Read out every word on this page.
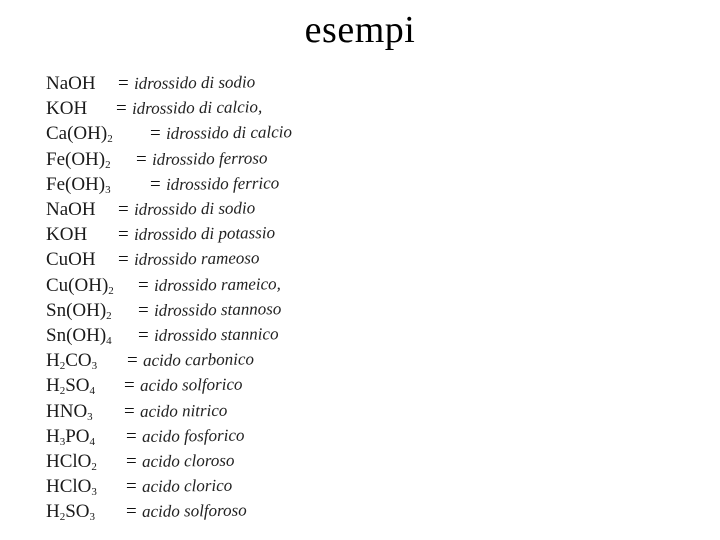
esempi
NaOH	= idrossido di sodio
KOH	= idrossido di calcio,
$Ca(OH)_2$	= idrossido di calcio
$Fe(OH)_2$	= idrossido ferroso
$Fe(OH)_3$	= idrossido ferrico
NaOH	= idrossido di sodio
KOH	= idrossido di potassio
CuOH	= idrossido rameoso
$Cu(OH)_2$	= idrossido rameico,
$Sn(OH)_2$	= idrossido stannoso
$Sn(OH)_4$	= idrossido stannico
$H_2CO_3$	= acido carbonico
$H_2SO_4$	= acido solforico
$HNO_3$	= acido nitrico
$H_3PO_4$	= acido fosforico
HClO$_2$	= acido cloroso
HClO$_3$	= acido clorico
$H_2SO_3$	= acido solforoso
